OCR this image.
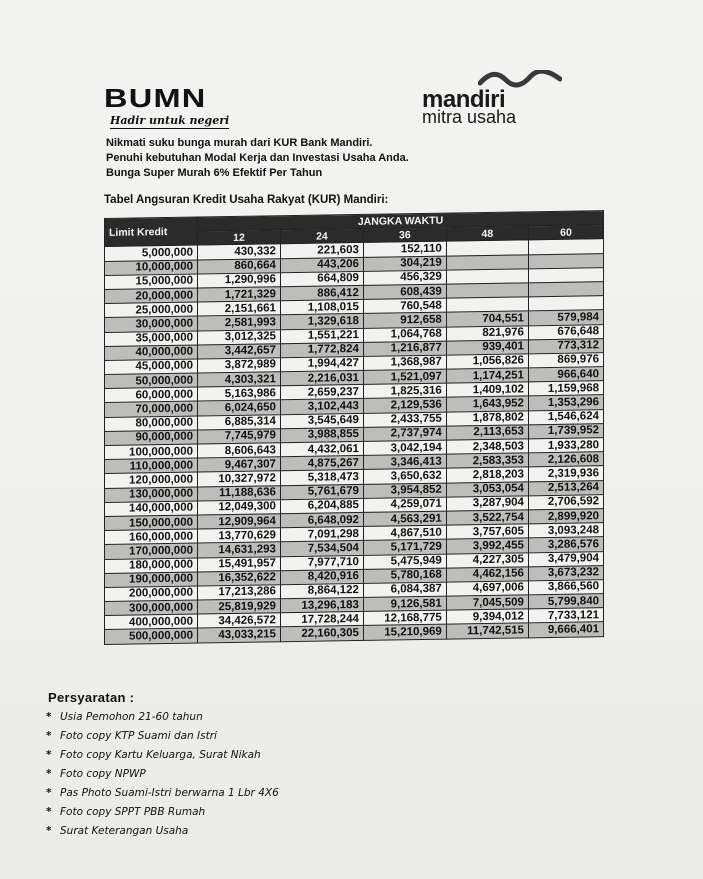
BUMN
Hadir untuk negeri
mandiri
mitra usaha
Nikmati suku bunga murah dari KUR Bank Mandiri.
Penuhi kebutuhan Modal Kerja dan Investasi Usaha Anda.
Bunga Super Murah 6% Efektif Per Tahun
Tabel Angsuran Kredit Usaha Rakyat (KUR) Mandiri:
Limit Kredit	JANGKA WAKTU				
	12	24	36	48	60
5,000,000	430,332	221,603	152,110		
10,000,000	860,664	443,206	304,219		
15,000,000	1,290,996	664,809	456,329		
20,000,000	1,721,329	886,412	608,439		
25,000,000	2,151,661	1,108,015	760,548		
30,000,000	2,581,993	1,329,618	912,658	704,551	579,984
35,000,000	3,012,325	1,551,221	1,064,768	821,976	676,648
40,000,000	3,442,657	1,772,824	1,216,877	939,401	773,312
45,000,000	3,872,989	1,994,427	1,368,987	1,056,826	869,976
50,000,000	4,303,321	2,216,031	1,521,097	1,174,251	966,640
60,000,000	5,163,986	2,659,237	1,825,316	1,409,102	1,159,968
70,000,000	6,024,650	3,102,443	2,129,536	1,643,952	1,353,296
80,000,000	6,885,314	3,545,649	2,433,755	1,878,802	1,546,624
90,000,000	7,745,979	3,988,855	2,737,974	2,113,653	1,739,952
100,000,000	8,606,643	4,432,061	3,042,194	2,348,503	1,933,280
110,000,000	9,467,307	4,875,267	3,346,413	2,583,353	2,126,608
120,000,000	10,327,972	5,318,473	3,650,632	2,818,203	2,319,936
130,000,000	11,188,636	5,761,679	3,954,852	3,053,054	2,513,264
140,000,000	12,049,300	6,204,885	4,259,071	3,287,904	2,706,592
150,000,000	12,909,964	6,648,092	4,563,291	3,522,754	2,899,920
160,000,000	13,770,629	7,091,298	4,867,510	3,757,605	3,093,248
170,000,000	14,631,293	7,534,504	5,171,729	3,992,455	3,286,576
180,000,000	15,491,957	7,977,710	5,475,949	4,227,305	3,479,904
190,000,000	16,352,622	8,420,916	5,780,168	4,462,156	3,673,232
200,000,000	17,213,286	8,864,122	6,084,387	4,697,006	3,866,560
300,000,000	25,819,929	13,296,183	9,126,581	7,045,509	5,799,840
400,000,000	34,426,572	17,728,244	12,168,775	9,394,012	7,733,121
500,000,000	43,033,215	22,160,305	15,210,969	11,742,515	9,666,401
Persyaratan :
* Usia Pemohon 21-60 tahun
* Foto copy KTP Suami dan Istri
* Foto copy Kartu Keluarga, Surat Nikah
* Foto copy NPWP
* Pas Photo Suami-Istri berwarna 1 Lbr 4X6
* Foto copy SPPT PBB Rumah
* Surat Keterangan Usaha
